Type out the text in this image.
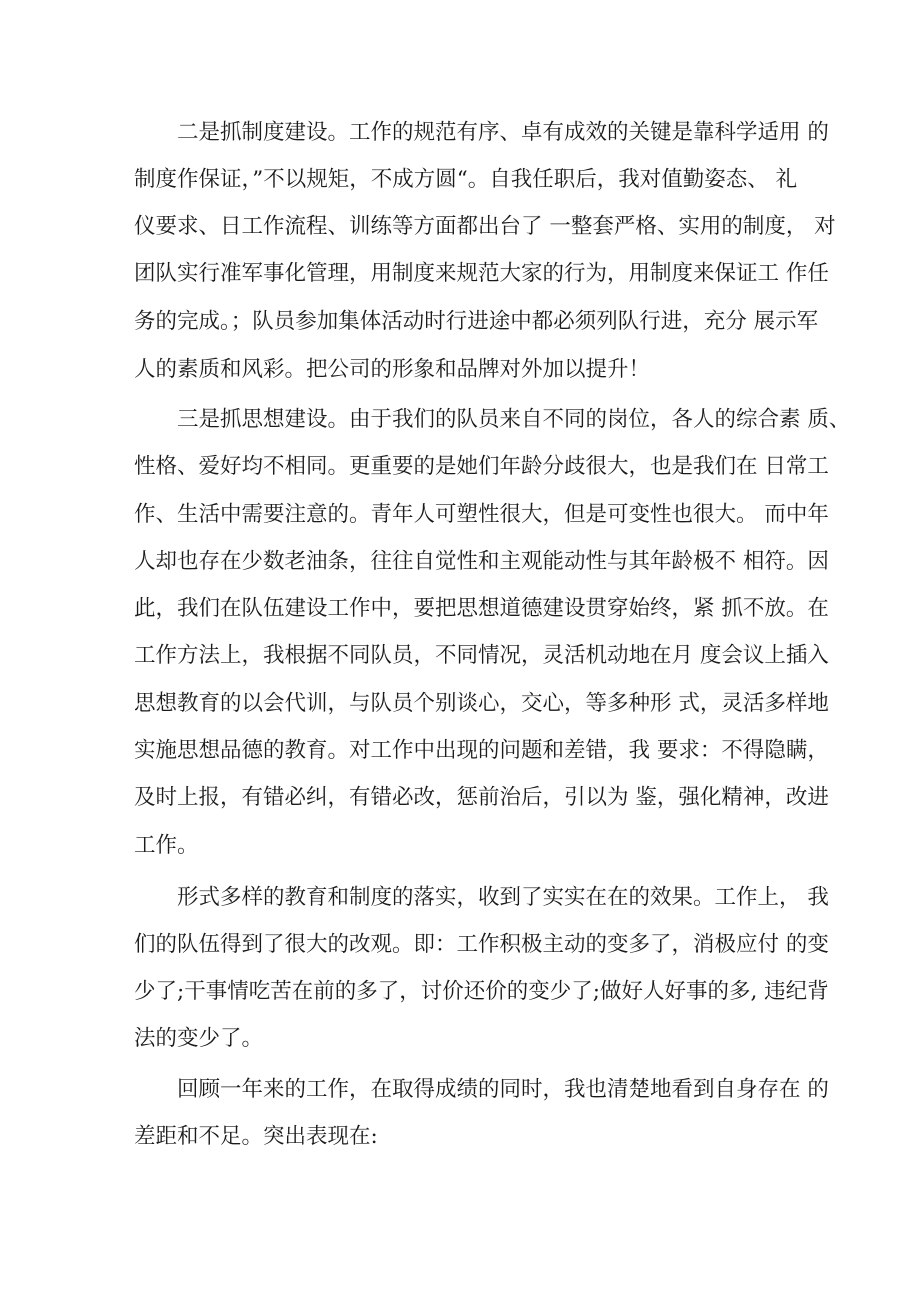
二是抓制度建设。工作的规范有序、卓有成效的关键是靠科学适用 的
制度作保证，”不以规矩，不成方圆“。自我任职后，我对值勤姿态、 礼
仪要求、日工作流程、训练等方面都出台了 一整套严格、实用的制度， 对
团队实行准军事化管理，用制度来规范大家的行为，用制度来保证工 作任
务的完成。；队员参加集体活动时行进途中都必须列队行进，充分 展示军
人的素质和风彩。把公司的形象和品牌对外加以提升！
三是抓思想建设。由于我们的队员来自不同的岗位，各人的综合素 质、
性格、爱好均不相同。更重要的是她们年龄分歧很大，也是我们在 日常工
作、生活中需要注意的。青年人可塑性很大，但是可变性也很大。 而中年
人却也存在少数老油条，往往自觉性和主观能动性与其年龄极不 相符。因
此，我们在队伍建设工作中，要把思想道德建设贯穿始终，紧 抓不放。在
工作方法上，我根据不同队员，不同情况，灵活机动地在月 度会议上插入
思想教育的以会代训，与队员个别谈心，交心，等多种形 式，灵活多样地
实施思想品德的教育。对工作中出现的问题和差错，我 要求：不得隐瞒，
及时上报，有错必纠，有错必改，惩前治后，引以为 鉴，强化精神，改进
工作。
形式多样的教育和制度的落实，收到了实实在在的效果。工作上， 我
们的队伍得到了很大的改观。即：工作积极主动的变多了，消极应付 的变
少了;干事情吃苦在前的多了，讨价还价的变少了;做好人好事的多, 违纪背
法的变少了。
回顾一年来的工作，在取得成绩的同时，我也清楚地看到自身存在 的
差距和不足。突出表现在:
